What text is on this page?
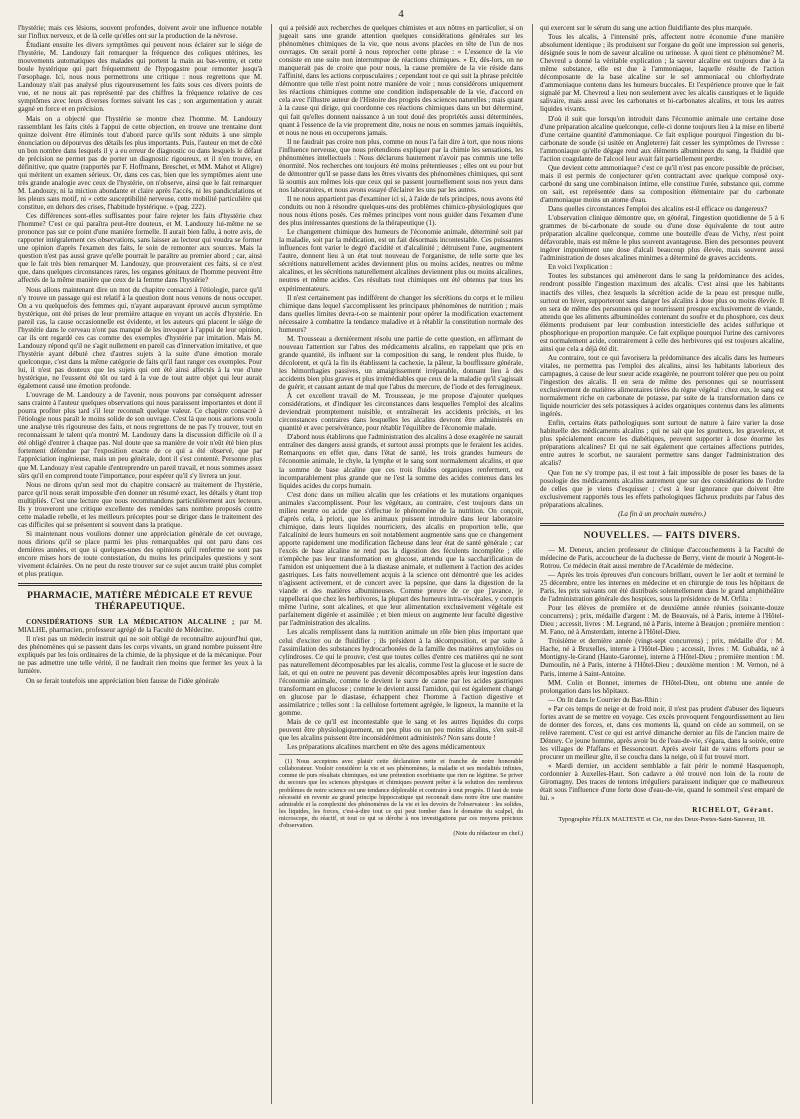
4

l'hystérie; mais ces lésions, souvent profondes, doivent avoir une influence notable sur l'influx nerveux, et de là celle qu'elles ont sur la production de la névrose.

Étudiant ensuite les divers symptômes qui peuvent nous éclairer sur le siége de l'hystérie, M. Landouzy fait remarquer la fréquence des coliques utérines, les mouvements automatiques des malades qui portent la main au bas-ventre, et cette boule hystérique qui part fréquemment de l'hypogastre pour remonter jusqu'à l'œsophage. Ici, nous nous permettrons une critique : nous regrettons que M. Landouzy n'ait pas analysé plus rigoureusement les faits sous ces divers points de vue, et ne nous ait pas représenté par des chiffres la fréquence relative de ces symptômes avec leurs diverses formes suivant les cas ; son argumentation y aurait gagné en force et en précision.

Mais on a objecté que l'hystérie se montre chez l'homme. M. Landouzy rassemblant les faits cités à l'appui de cette objection, en trouve une trentaine dont quinze doivent être éliminés tout d'abord parce qu'ils sont réduits à une simple énonciation ou dépourvus des détails les plus importants. Puis, l'auteur en met de côté un bon nombre dans lesquels il y a eu erreur de diagnostic ou dans lesquels le défaut de précision ne permet pas de porter un diagnostic rigoureux, et il n'en trouve, en définitive, que quatre (rapportés par F. Hoffmann, Breschet, et MM. Mahot et Aligre) qui méritent un examen sérieux. Or, dans ces cas, bien que les symptômes aient une très grande analogie avec ceux de l'hystérie, on n'observe, ainsi que le fait remarquer M. Landouzy, ni la miction abondante et claire après l'accès, ni les pandiculations et les pleurs sans motif, ni « cette susceptibilité nerveuse, cette mobilité particulière qui constitue, en dehors des crises, l'habitude hystérique. » (pag. 222).

Ces différences sont-elles suffisantes pour faire rejeter les faits d'hystérie chez l'homme? C'est ce qui paraîtra peut-être douteux, et M. Landouzy lui-même ne se prononce pas sur ce point d'une manière formelle. Il aurait bien fallu, à notre avis, de rapporter intégralement ces observations, sans laisser au lecteur qui voudra se former une opinion d'après l'examen des faits, le soin de remonter aux sources. Mais la question n'est pas aussi grave qu'elle pourrait le paraître au premier abord ; car, ainsi que le fait très bien remarquer M. Landouzy, que prouveraient ces faits, si ce n'est que, dans quelques circonstances rares, les organes génitaux de l'homme peuvent être affectés de la même manière que ceux de la femme dans l'hystérie?

Nous allons maintenant dire un mot du chapitre consacré à l'étiologie, parce qu'il n'y trouve un passage qui est relatif à la question dont nous venons de nous occuper. On a vu quelquefois des femmes qui, n'ayant auparavant éprouvé aucun symptôme hystérique, ont été prises de leur première attaque en voyant un accès d'hystérie. En pareil cas, la cause occasionnelle est évidente, et les auteurs qui placent le siége de l'hystérie dans le cerveau n'ont pas manqué de les invoquer à l'appui de leur opinion, car ils ont regardé ces cas comme des exemples d'hystérie par imitation. Mais M. Landouzy répond qu'il ne s'agit nullement en pareil cas d'innervation imitative, et que l'hystérie ayant débuté chez d'autres sujets à la suite d'une émotion morale quelconque, c'est dans la même catégorie de faits qu'il faut ranger ces exemples. Pour lui, il n'est pas douteux que les sujets qui ont été ainsi affectés à la vue d'une hystérique, ne l'eussent été tôt ou tard à la vue de tout autre objet qui leur aurait également causé une émotion profonde.

L'ouvrage de M. Landouzy a de l'avenir, nous pouvons par conséquent adresser sans crainte à l'auteur quelques observations qui nous paraissent importantes et dont il pourra profiter plus tard s'il leur reconnaît quelque valeur. Ce chapitre consacré à l'étiologie nous paraît le moins solide de son ouvrage. C'est là que nous aurions voulu une analyse très rigoureuse des faits, et nous regrettons de ne pas l'y trouver, tout en reconnaissant le talent qu'a montré M. Landouzy dans la discussion difficile où il a été obligé d'entrer à chaque pas. Nul doute que sa manière de voir n'eût été bien plus fortement défendue par l'exposition exacte de ce qui a été observé, que par l'appréciation ingénieuse, mais un peu générale, dont il s'est contenté. Personne plus que M. Landouzy n'est capable d'entreprendre un pareil travail, et nous sommes assez sûrs qu'il en comprend toute l'importance, pour espérer qu'il s'y livrera un jour.

Nous ne dirons qu'un seul mot du chapitre consacré au traitement de l'hystérie, parce qu'il nous serait impossible d'en donner un résumé exact, les détails y étant trop multipliés. C'est une lecture que nous recommandons particulièrement aux lecteurs. Ils y trouveront une critique excellente des remèdes sans nombre proposés contre cette maladie rebelle, et les meilleurs préceptes pour se diriger dans le traitement des cas difficiles qui se présentent si souvent dans la pratique.

Si maintenant nous voulions donner une appréciation générale de cet ouvrage, nous dirions qu'il se place parmi les plus remarquables qui ont paru dans ces dernières années, et que si quelques-unes des opinions qu'il renferme ne sont pas encore mises hors de toute contestation, du moins les principales questions y sont vivement éclairées. On ne peut du reste trouver sur ce sujet aucun traité plus complet et plus pratique.

PHARMACIE, MATIÈRE MÉDICALE ET REVUE THÉRAPEUTIQUE.
CONSIDÉRATIONS SUR LA MÉDICATION ALCALINE ; par M. MIALHE, pharmacien, professeur agrégé de la Faculté de Médecine.

Il n'est pas un médecin instruit qui ne soit obligé de reconnaître aujourd'hui que, des phénomènes qui se passent dans les corps vivants, un grand nombre puissent être expliqués par les lois ordinaires de la chimie, de la physique et de la mécanique. Pour ne pas admettre une telle vérité, il ne faudrait rien moins que fermer les yeux à la lumière.

On se ferait toutefois une appréciation bien fausse de l'idée générale

qui a présidé aux recherches de quelques chimistes et aux nôtres en particulier, si on jugeait sans une grande attention quelques considérations générales sur les phénomènes chimiques de la vie, que nous avons placées en tête de l'un de nos ouvrages. On serait porté à nous reprocher cette phrase : « L'essence de la vie consiste en une suite non interrompue de réactions chimiques. » Et, dès-lors, on ne manquerait pas de croire que pour nous, la cause première de la vie réside dans l'affinité, dans les actions corpusculaires ; cependant tout ce qui suit la phrase précitée démontre que telle n'est point notre manière de voir ; nous considérons uniquement les réactions chimiques comme une condition indispensable de la vie, d'accord en cela avec l'illustre auteur de l'Histoire des progrès des sciences naturelles ; mais quant à la cause qui dirige, qui coordonne ces réactions chimiques dans un but déterminé, qui fait qu'elles donnent naissance à un tout doué des propriétés aussi déterminées, quant à l'essence de la vie proprement dite, nous ne nous en sommes jamais inquiétés, et nous ne nous en occuperons jamais.

Il ne faudrait pas croire non plus, comme on nous l'a fait dire à tort, que nous nions l'influence nerveuse, que nous prétendions expliquer par la chimie les sensations, les phénomènes intellectuels : Nous déclarons hautement n'avoir pas commis une telle énormité. Nos recherches ont toujours été moins prétentieuses ; elles ont eu pour but de démontrer qu'il se passe dans les êtres vivants des phénomènes chimiques, qui sont là soumis aux mêmes lois que ceux qui se passent journellement sous nos yeux dans nos laboratoires, et nous avons essayé d'éclairer les uns par les autres.

Il ne nous appartient pas d'examiner ici si, à l'aide de tels principes, nous avons été conduits ou non à résoudre quelques-uns des problèmes chimico-physiologiques que nous nous étions posés. Ces mêmes principes vont nous guider dans l'examen d'une des plus intéressantes questions de la thérapeutique (1).

Le changement chimique des humeurs de l'économie animale, déterminé soit par la maladie, soit par la médication, est un fait désormais incontestable. Ces puissantes influences font varier le degré d'acidité et d'alcalinité ; détruisent l'une, augmentent l'autre, donnent lieu à un état tout nouveau de l'organisme, de telle sorte que les sécrétions naturellement acides deviennent plus ou moins acides, neutres ou même alcalines, et les sécrétions naturellement alcalines deviennent plus ou moins alcalines, neutres et même acides. Ces résultats tout chimiques ont été obtenus par tous les expérimentateurs.

Il n'est certainement pas indifférent de changer les sécrétions du corps et le milieu chimique dans lequel s'accomplissent les principaux phénomènes de nutrition ; mais dans quelles limites devra-t-on se maintenir pour opérer la modification exactement nécessaire à combattre la tendance maladive et à rétablir la constitution normale des humeurs?

M. Trousseau a dernièrement résolu une partie de cette question, en affirmant de nouveau l'attention sur l'abus des médicaments alcalins, en rappelant que pris en grande quantité, ils influent sur la composition du sang, le rendent plus fluide, le décolorent, et qu'à la fin ils établissent la cachexie, la pâleur, la bouffissure générale, les hémorrhagies passives, un amaigrissement irréparable, donnant lieu à des accidents bien plus graves et plus irrémédiables que ceux de la maladie qu'il s'agissait de guérir, et causant autant de mal que l'abus du mercure, de l'iode et des ferrugineux.

À cet excellent travail de M. Trousseau, je me propose d'ajouter quelques considérations, et d'indiquer les circonstances dans lesquelles l'emploi des alcalins deviendrait promptement nuisible, et entraînerait les accidents précités, et les circonstances contraires dans lesquelles les alcalins devront être administrés en quantité et avec persévérance, pour rétablir l'équilibre de l'économie malade.

D'abord nous établirons que l'administration des alcalins à dose exagérée ne saurait entraîner des dangers aussi grands, et surtout aussi prompts que le feraient les acides. Remarquons en effet que, dans l'état de santé, les trois grandes humeurs de l'économie animale, le chyle, la lymphe et le sang sont normalement alcalins, et que la somme de base alcaline que ces trois fluides organiques renferment, est incomparablement plus grande que ne l'est la somme des acides contenus dans les liquides acides du corps humain.

C'est donc dans un milieu alcalin que les créations et les mutations organiques animales s'accomplissent. Pour les végétaux, au contraire, c'est toujours dans un milieu neutre ou acide que s'effectue le phénomène de la nutrition. On conçoit, d'après cela, à priori, que les animaux puissent introduire dans leur laboratoire chimique, dans leurs liquides nourriciers, des alcalis en proportion telle, que l'alcalinité de leurs humeurs en soit notablement augmentée sans que ce changement apporte rapidement une modification fâcheuse dans leur état de santé générale ; car l'excès de base alcaline ne rend pas la digestion des féculents incomplète ; elle n'empêche pas leur transformation en glucose, attendu que la saccharification de l'amidon est uniquement due à la diastase animale, et nullement à l'action des acides gastriques. Les faits nouvellement acquis à la science ont démontré que les acides n'agissent activement, et de concert avec la pepsine, que dans la digestion de la viande et des matières albumineuses. Comme preuve de ce que j'avance, je rappellerai que chez les herbivores, la plupart des humeurs intra-viscérales, y compris même l'urine, sont alcalines, et que leur alimentation exclusivement végétale est parfaitement digérée et assimilée ; et bien mieux on augmente leur faculté digestive par l'administration des alcalins.

Les alcalis remplissent dans la nutrition animale un rôle bien plus important que celui d'exciter ou de fluidifier ; ils président à la décomposition, et par suite à l'assimilation des substances hydrocarbonées de la famille des matières amyloïdes ou cylindroses. Ce qui le prouve, c'est que toutes celles d'entre ces matières qui ne sont pas naturellement décomposables par les alcalis, comme l'est la glucose et le sucre de lait, et qui en outre ne peuvent pas devenir décomposables après leur ingestion dans l'économie animale, comme le devient le sucre de canne par les acides gastriques transformant en glucose ; comme le devient aussi l'amidon, qui est également changé en glucose par le diastase, échappent chez l'homme à l'action digestive et assimilatrice ; telles sont : la cellulose fortement agrégée, le ligneux, la mannite et la gomme.

Mais de ce qu'il est incontestable que le sang et les autres liquides du corps peuvent être physiologiquement, un peu plus ou un peu moins alcalins, s'en suit-il que les alcalins puissent être inconsidérément administrés? Non sans doute !

Les préparations alcalines marchent en tête des agens médicamenteux

(1) Nous acceptons avec plaisir cette déclaration nette et franche de notre honorable collaborateur. Vouloir considérer la vie et ses phénomènes, la maladie et ses modalités infinies, comme de purs résultats chimiques, est une prétention exorbitante que rien ne légitime. Se priver du secours que les sciences physiques et chimiques peuvent prêter à la solution des nombreux problèmes de notre science est une tendance déplorable et contraire à tout progrès. Il faut de toute nécessité en revenir au grand principe hippocratique qui reconnaît dans notre être une manière admirable et la complexité des phénomènes de la vie et les devoirs de l'observateur : les solides, les liquides, les forces, c'est-à-dire tout ce qui peut tomber dans le domaine du scalpel, du microscope, du réactif, et tout ce qui se dérobe à nos investigations par ces moyens précieux d'observation.

(Note du rédacteur en chef.)

qui exercent sur le sérum du sang une action fluidifiante des plus marquée.

Tous les alcalis, à l'intensité près, affectent notre économie d'une manière absolument identique ; ils produisent sur l'organe du goût une impression sui generis, désignée sous le nom de saveur alcaline ou urineuse. À quoi tient ce phénomène? M. Chevreul a donné la véritable explication ; la saveur alcaline est toujours due à la même substance, elle est due à l'ammoniaque, laquelle résulte de l'action décomposante de la base alcaline sur le sel ammoniacal ou chlorhydrate d'ammoniaque contenu dans les humeurs buccales. Et l'expérience prouve que le fait signalé par M. Chevreul a lieu non seulement avec les alcalis caustiques et le liquide salivaire, mais aussi avec les carbonates et bi-carbonates alcalins, et tous les autres liquides vivants.

D'où il suit que lorsqu'on introduit dans l'économie animale une certaine dose d'une préparation alcaline quelconque, celle-ci donne toujours lieu à la mise en liberté d'une certaine quantité d'ammoniaque. Ce fait explique pourquoi l'ingestion du bi-carbonate de soude (si usitée en Angleterre) fait cesser les symptômes de l'ivresse : l'ammoniaque qu'elle dégage rend aux éléments albumineux du sang, la fluidité que l'action coagulante de l'alcool leur avait fait partiellement perdre.

Que devient cette ammoniaque? c'est ce qu'il n'est pas encore possible de préciser, mais il est permis de conjecturer qu'en contractant avec quelque composé oxy-carboné du sang une combinaison intime, elle constitue l'urée, substance qui, comme on sait, est représentée dans sa composition élémentaire par du carbonate d'ammoniaque moins un atome d'eau.

Dans quelles circonstances l'emploi des alcalins est-il efficace ou dangereux?

L'observation clinique démontre que, en général, l'ingestion quotidienne de 5 à 6 grammes de bi-carbonate de soude ou d'une dose équivalente de tout autre préparation alcaline quelconque, comme une bouteille d'eau de Vichy, n'est point défavorable, mais est même le plus souvent avantageuse. Bien des personnes peuvent ingérer impunément une dose d'alcali beaucoup plus élevée, mais souvent aussi l'administration de doses alcalines minimes a déterminé de graves accidents.

En voici l'explication :

Toutes les substances qui amèneront dans le sang la prédominance des acides, rendront possible l'ingestion maximum des alcalis. C'est ainsi que les habitants inactifs des villes, chez lesquels la sécrétion acide de la peau est presque nulle, surtout en hiver, supporteront sans danger les alcalins à dose plus ou moins élevée. Il en sera de même des personnes qui se nourrissent presque exclusivement de viande, attendu que les aliments albuminoïdes contenant du soufre et du phosphore, ces deux éléments produisent par leur combustion intersticielle des acides sulfurique et phosphorique en proportion marquée. Ce fait explique pourquoi l'urine des carnivores est normalement acide, contrairement à celle des herbivores qui est toujours alcaline, ainsi que cela a déjà été dit.

Au contraire, tout ce qui favorisera la prédominance des alcalis dans les humeurs vitales, ne permettra pas l'emploi des alcalins, ainsi les habitants laborieux des campagnes, à cause de leur sueur acide exagérée, ne pourront tolérer que peu ou point l'ingestion des alcalis. Il en sera de même des personnes qui se nourrissent exclusivement de matières alimentaires tirées du règne végétal : chez eux, le sang est normalement riche en carbonate de potasse, par suite de la transformation dans ce liquide nourricier des sels potassiques à acides organiques contenus dans les aliments ingérés.

Enfin, certains états pathologiques sont surtout de nature à faire varier la dose habituelle des médicaments alcalins ; qui ne sait que les goutteux, les graveleux, et plus spécialement encore les diabétiques, peuvent supporter à dose énorme les préparations alcalines? Et qui ne sait également que certaines affections putrides, entre autres le scorbut, ne sauraient permettre sans danger l'administration des alcalis?

Que l'on ne s'y trompe pas, il est tout à fait impossible de poser les bases de la posologie des médicaments alcalins autrement que sur des considérations de l'ordre de celles que je viens d'esquisser ; c'est à leur ignorance que doivent être exclusivement rapportés tous les effets pathologiques fâcheux produits par l'abus des préparations alcalines.

(La fin à un prochain numéro.)

NOUVELLES. — FAITS DIVERS.

— M. Deneux, ancien professeur de clinique d'accouchements à la Faculté de médecine de Paris, accoucheur de la duchesse de Berry, vient de mourir à Nogent-le-Rotrou. Ce médecin était aussi membre de l'Académie de médecine.

— Après les trois épreuves d'un concours brillant, ouvert le 1er août et terminé le 25 décembre, entre les internes en médecine et en chirurgie de tous les hôpitaux de Paris, les prix suivants ont été distribués solennellement dans le grand amphithéâtre de l'administration générale des hospices, sous la présidence de M. Orfila :

Pour les élèves de première et de deuxième année réunies (soixante-douze concurrens) ; prix, médaille d'argent : M. de Beauvais, né à Paris, interne à l'Hôtel-Dieu ; accessit, livres : M. Legrand, né à Paris, interne à Beaujon ; première mention : M. Fano, né à Amsterdam, interne à l'Hôtel-Dieu.

Troisième et dernière année (vingt-sept concurrens) ; prix, médaille d'or : M. Hache, né à Bruxelles, interne à l'Hôtel-Dieu ; accessit, livres : M. Gubalda, né à Montigny-le-Grand (Haute-Garonne), interne à l'Hôtel-Dieu ; première mention : M. Dumoulin, né à Paris, interne à l'Hôtel-Dieu ; deuxième mention : M. Vernon, né à Paris, interne à Saint-Antoine.

MM. Colin et Bonnet, internes de l'Hôtel-Dieu, ont obtenu une année de prolongation dans les hôpitaux.

— On lit dans le Courrier du Bas-Rhin :

« Par ces temps de neige et de froid noir, il n'est pas prudent d'abuser des liqueurs fortes avant de se mettre en voyage. Ces excès provoquent l'engourdissement au lieu de donner des forces, et, dans ces moments là, quand on cède au sommeil, on se relève rarement. C'est ce qui est arrivé dimanche dernier au fils de l'ancien maire de Dénney. Ce jeune homme, après avoir bu de l'eau-de-vie, s'égara, dans la soirée, entre les villages de Pfaffans et Bessoncourt. Après avoir fait de vains efforts pour se procurer un meilleur gîte, il se coucha dans la neige, où il fut trouvé mort.

« Mardi dernier, un accident semblable a fait périr le nommé Hasquenoph, cordonnier à Auxelles-Haut. Son cadavre a été trouvé non loin de la route de Giromagny. Des traces de tentons irréguliers paraissent indiquer que ce malheureux était sous l'influence d'une forte dose d'eau-de-vie, quand le sommeil s'est emparé de lui. »

RICHELOT, Gérant.
Typographie FÉLIX MALTESTE et Cie, rue des Deux-Portes-Saint-Sauveur, 18.
